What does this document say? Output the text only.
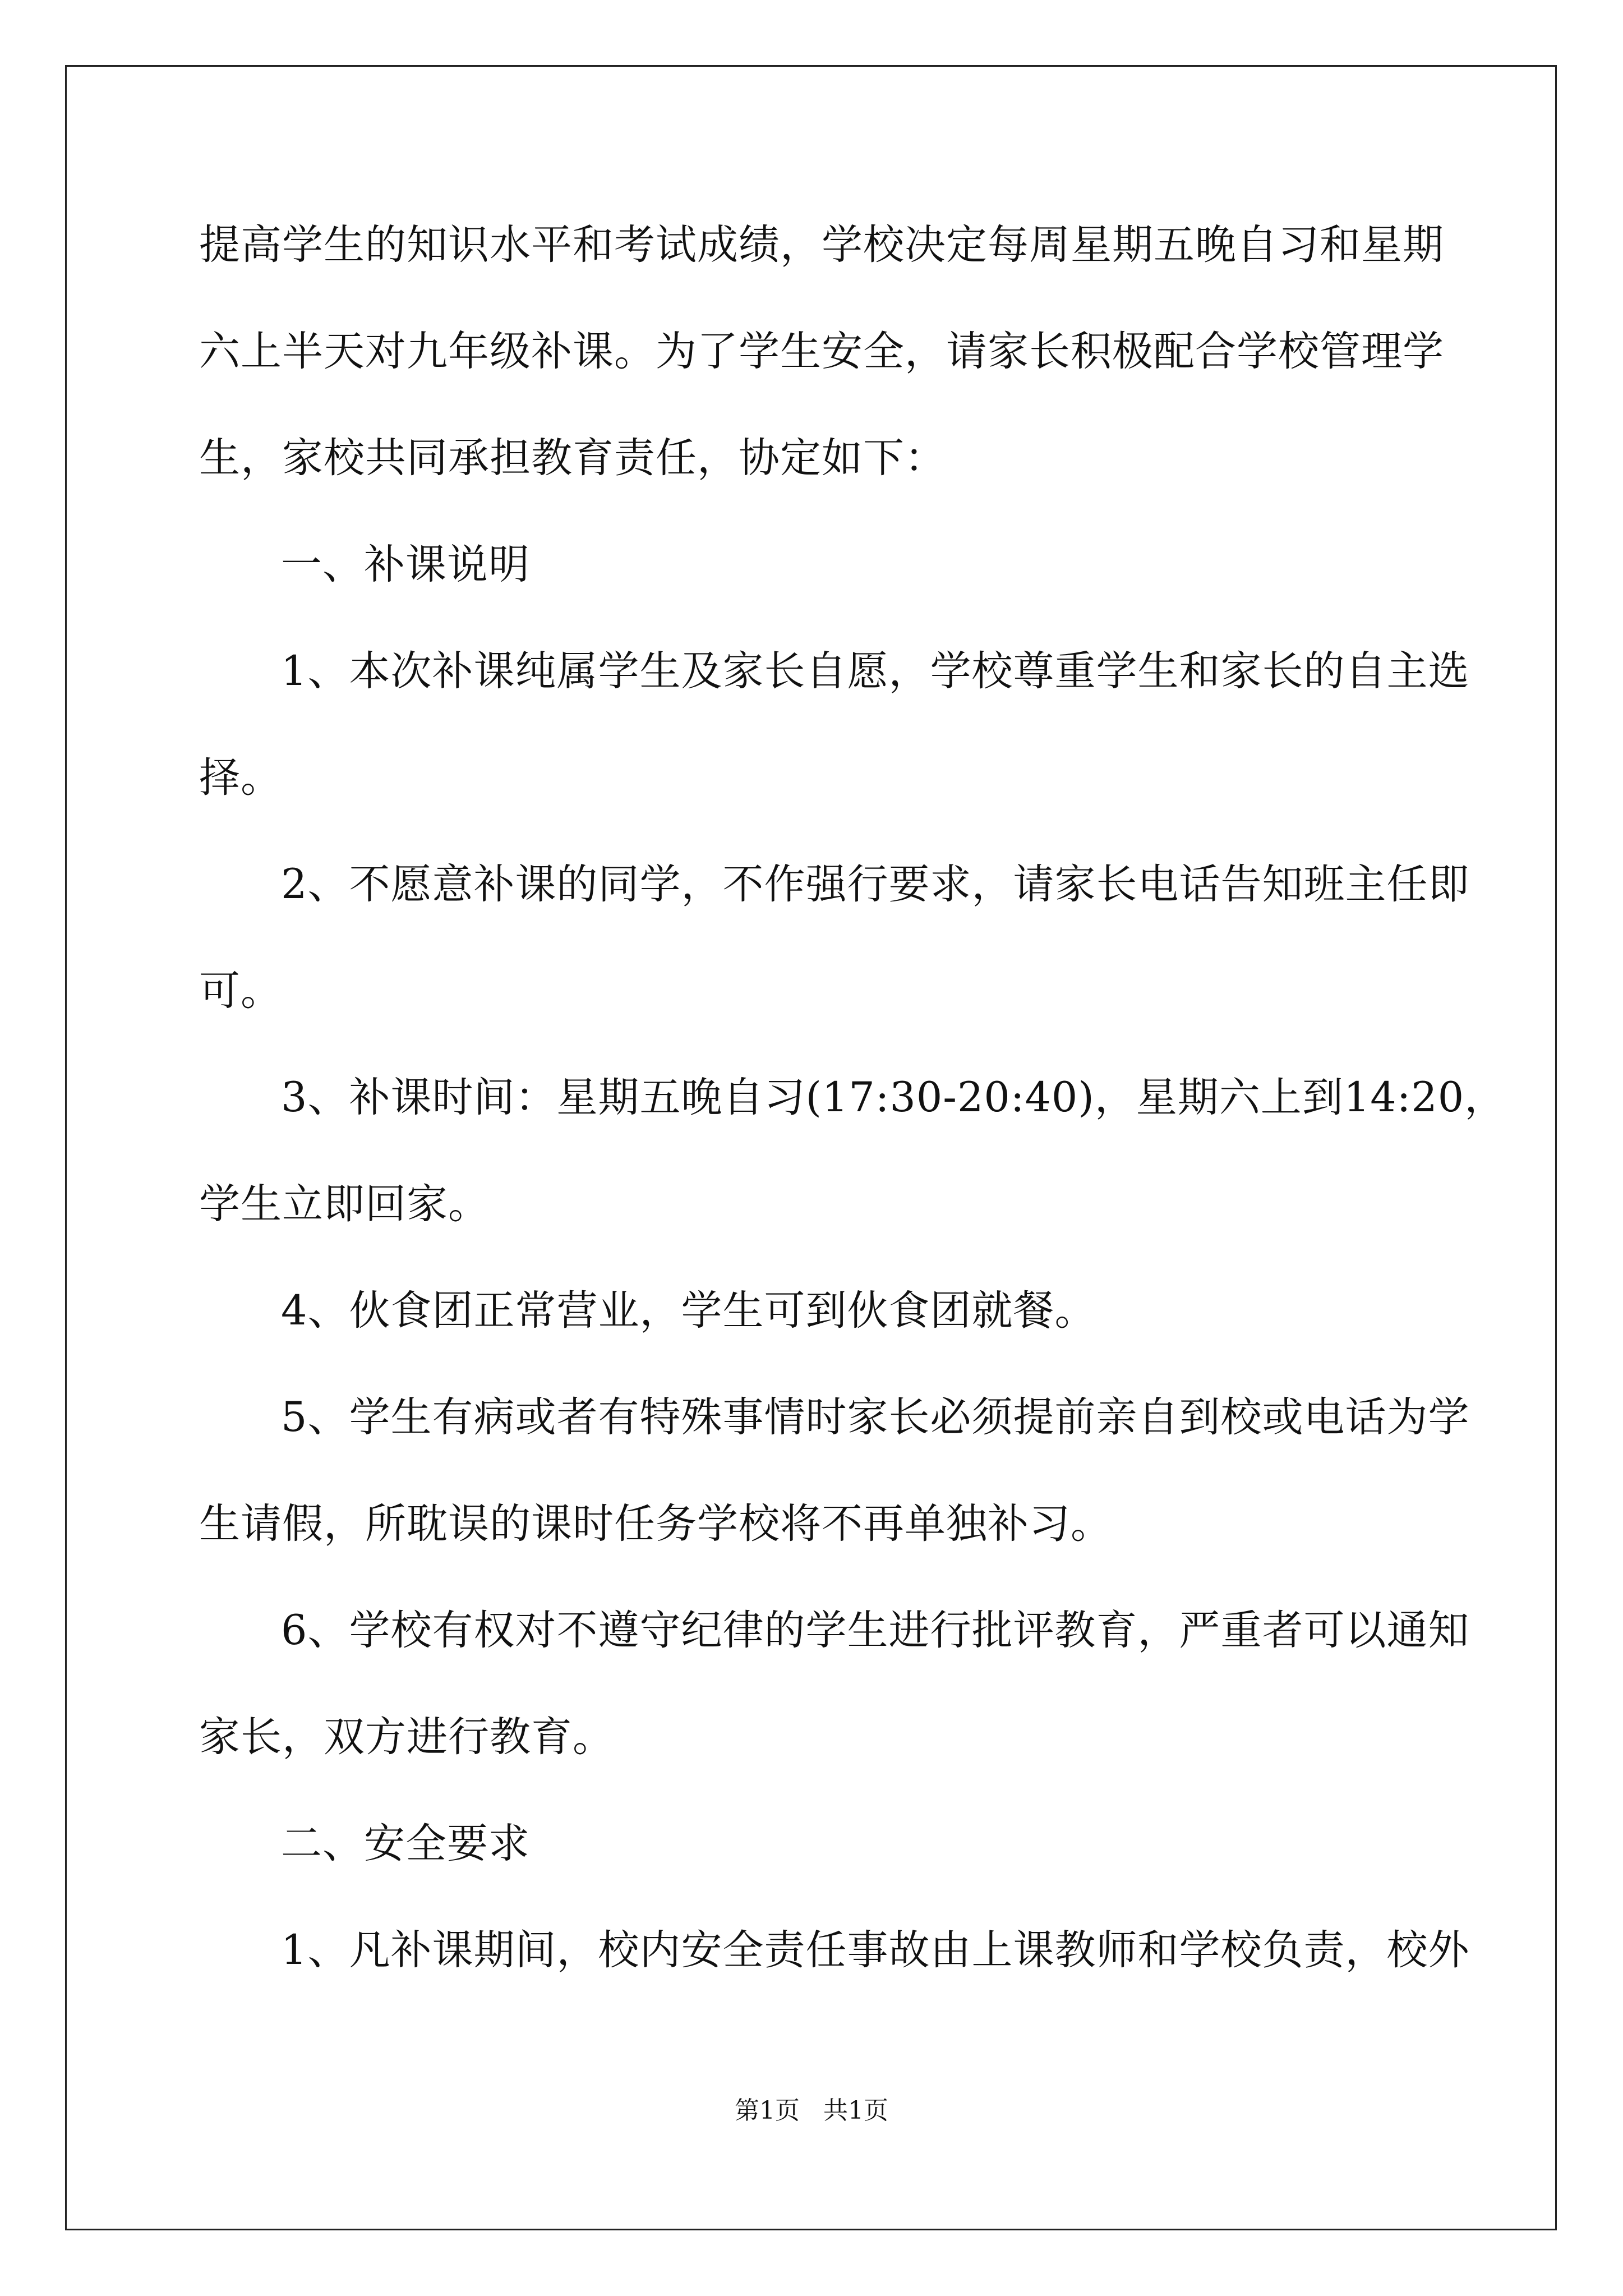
提高学生的知识水平和考试成绩，学校决定每周星期五晚自习和星期
六上半天对九年级补课。为了学生安全，请家长积极配合学校管理学
生，家校共同承担教育责任，协定如下：
一、补课说明
1、本次补课纯属学生及家长自愿，学校尊重学生和家长的自主选
择。
2、不愿意补课的同学，不作强行要求，请家长电话告知班主任即
可。
3、补课时间：星期五晚自习(17:30-20:40)，星期六上到14:20，
学生立即回家。
4、伙食团正常营业，学生可到伙食团就餐。
5、学生有病或者有特殊事情时家长必须提前亲自到校或电话为学
生请假，所耽误的课时任务学校将不再单独补习。
6、学校有权对不遵守纪律的学生进行批评教育，严重者可以通知
家长，双方进行教育。
二、安全要求
1、凡补课期间，校内安全责任事故由上课教师和学校负责，校外
第1页   共1页
